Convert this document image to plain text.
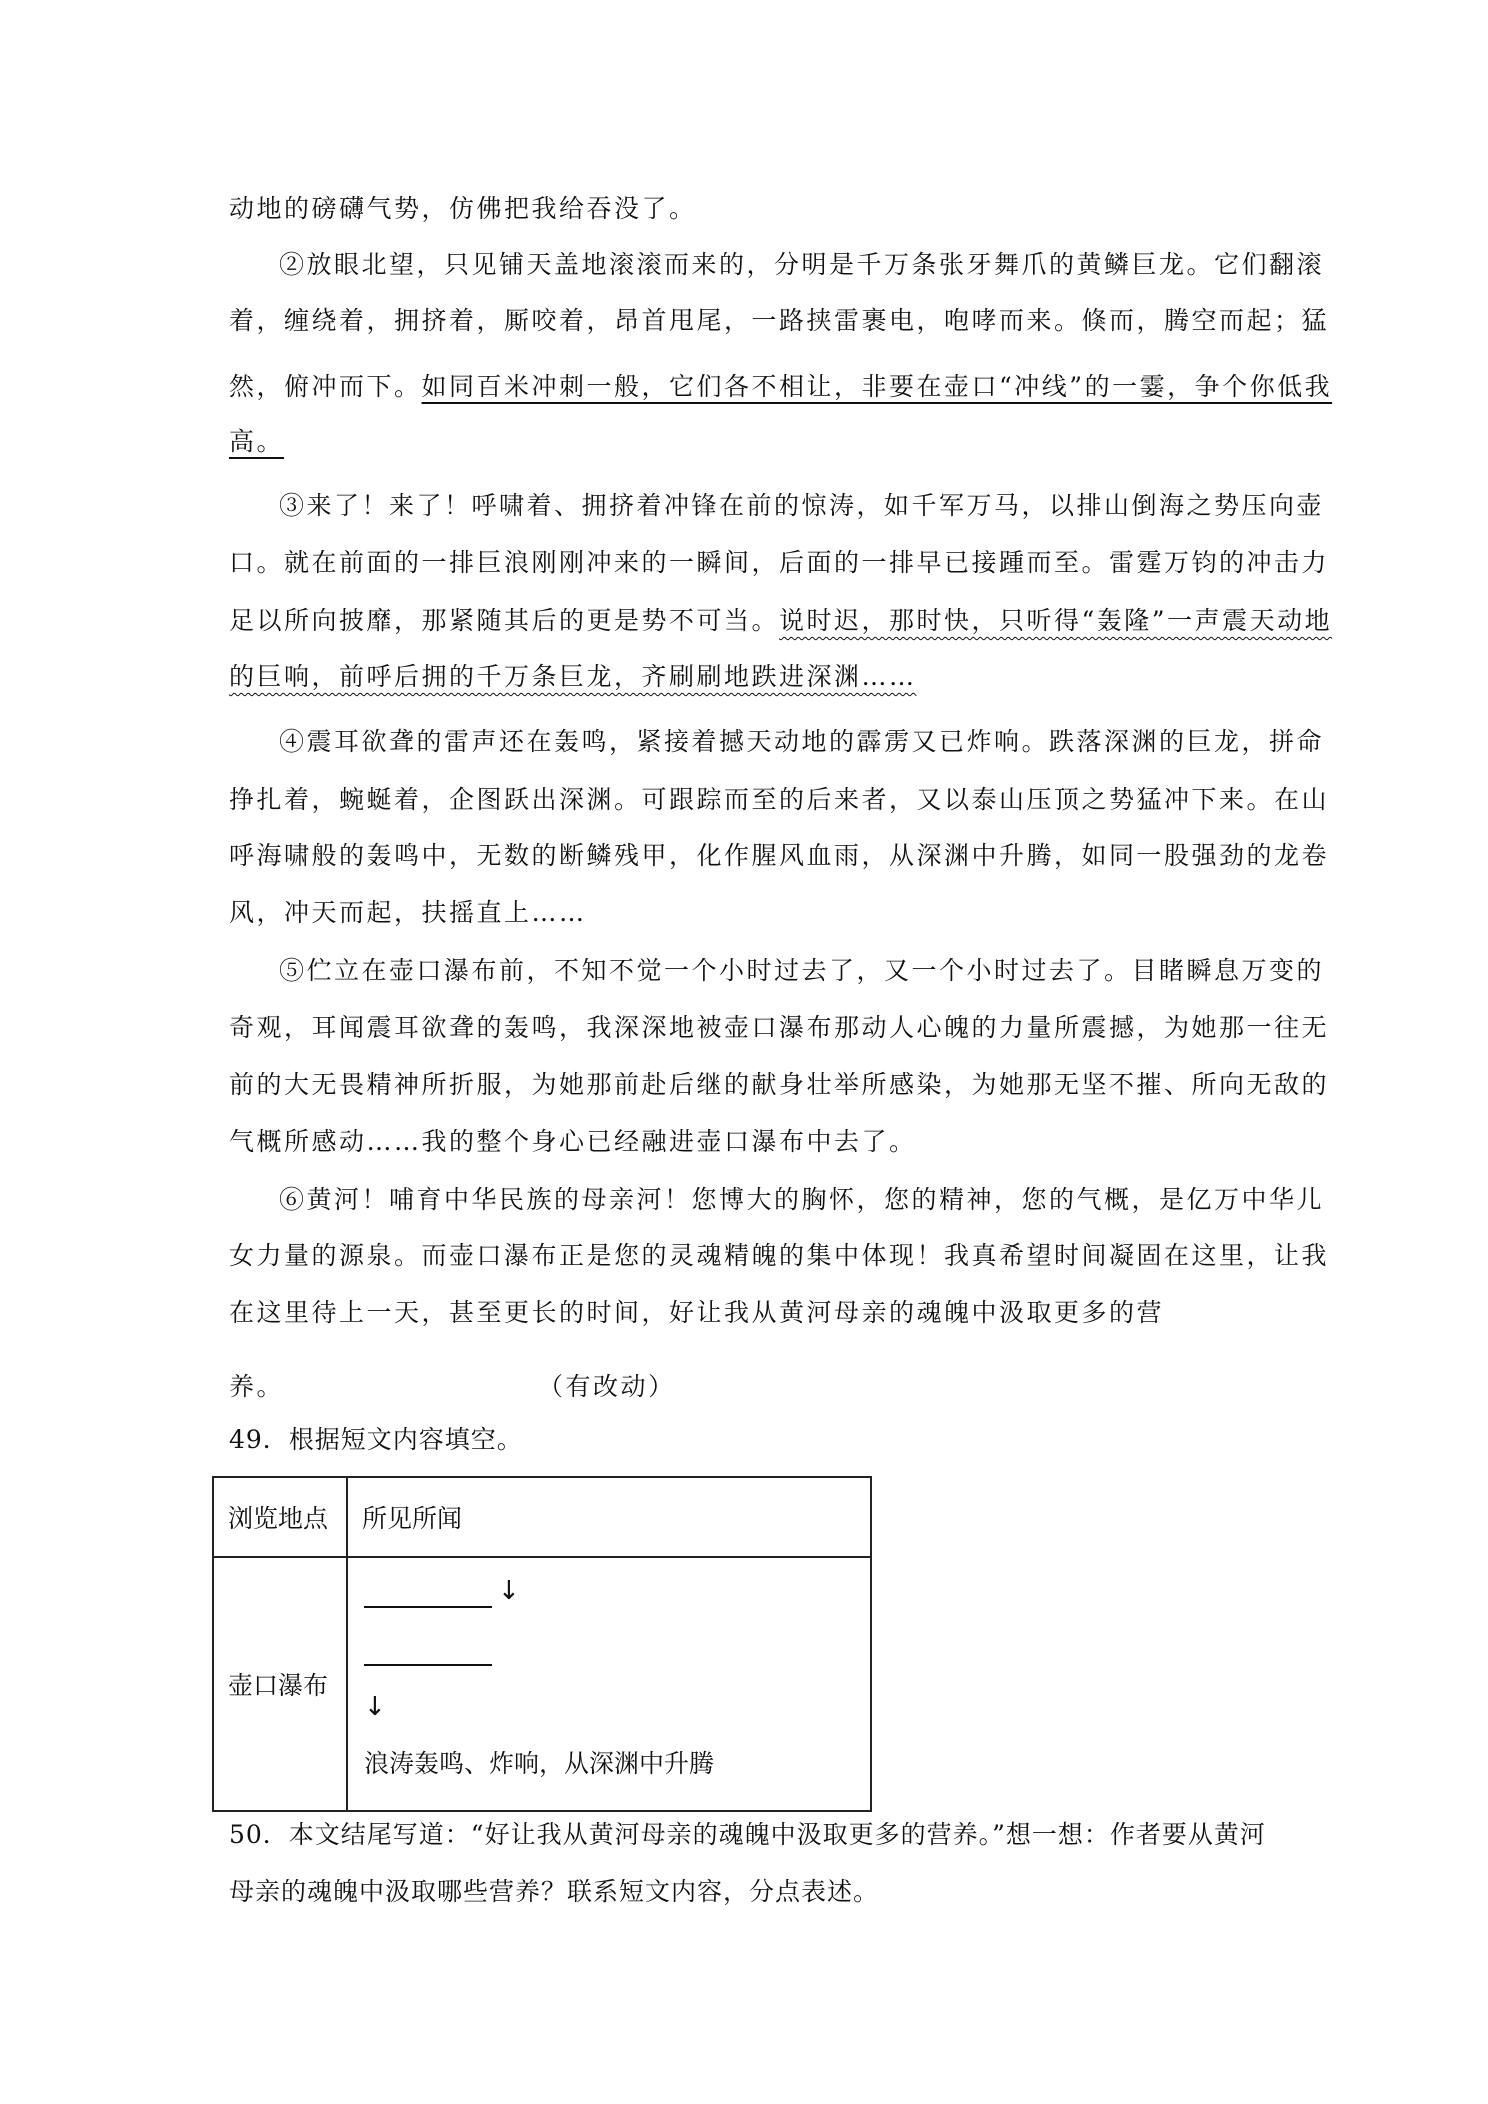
动地的磅礴气势，仿佛把我给吞没了。
②放眼北望，只见铺天盖地滚滚而来的，分明是千万条张牙舞爪的黄鳞巨龙。它们翻滚
着，缠绕着，拥挤着，厮咬着，昂首甩尾，一路挟雷裹电，咆哮而来。倏而，腾空而起；猛
然，俯冲而下。如同百米冲刺一般，它们各不相让，非要在壶口“冲线”的一霎，争个你低我
高。
③来了！来了！呼啸着、拥挤着冲锋在前的惊涛，如千军万马，以排山倒海之势压向壶
口。就在前面的一排巨浪刚刚冲来的一瞬间，后面的一排早已接踵而至。雷霆万钧的冲击力
足以所向披靡，那紧随其后的更是势不可当。说时迟，那时快，只听得“轰隆”一声震天动地
的巨响，前呼后拥的千万条巨龙，齐刷刷地跌进深渊……
④震耳欲聋的雷声还在轰鸣，紧接着撼天动地的霹雳又已炸响。跌落深渊的巨龙，拼命
挣扎着，蜿蜒着，企图跃出深渊。可跟踪而至的后来者，又以泰山压顶之势猛冲下来。在山
呼海啸般的轰鸣中，无数的断鳞残甲，化作腥风血雨，从深渊中升腾，如同一股强劲的龙卷
风，冲天而起，扶摇直上……
⑤伫立在壶口瀑布前，不知不觉一个小时过去了，又一个小时过去了。目睹瞬息万变的
奇观，耳闻震耳欲聋的轰鸣，我深深地被壶口瀑布那动人心魄的力量所震撼，为她那一往无
前的大无畏精神所折服，为她那前赴后继的献身壮举所感染，为她那无坚不摧、所向无敌的
气概所感动……我的整个身心已经融进壶口瀑布中去了。
⑥黄河！哺育中华民族的母亲河！您博大的胸怀，您的精神，您的气概，是亿万中华儿
女力量的源泉。而壶口瀑布正是您的灵魂精魄的集中体现！我真希望时间凝固在这里，让我
在这里待上一天，甚至更长的时间，好让我从黄河母亲的魂魄中汲取更多的营
养。	（有改动）
49．根据短文内容填空。
浏览地点	所见所闻
壶口瀑布	↓
↓
浪涛轰鸣、炸响，从深渊中升腾
50．本文结尾写道：“好让我从黄河母亲的魂魄中汲取更多的营养。”想一想：作者要从黄河
母亲的魂魄中汲取哪些营养？联系短文内容，分点表述。
